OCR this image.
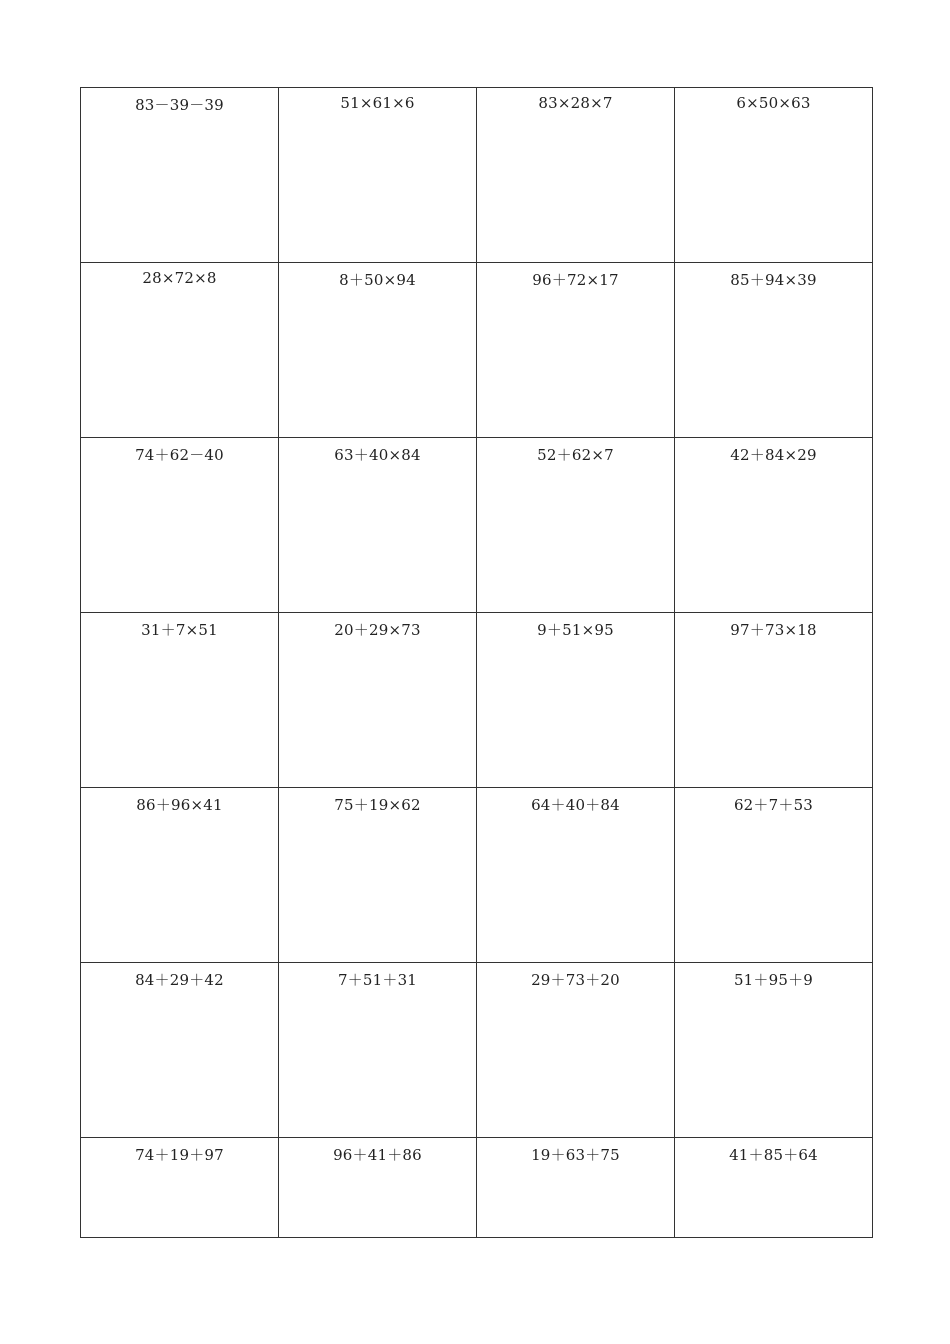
83－39－39	51×61×6	83×28×7	6×50×63

28×72×8	8＋50×94	96＋72×17	85＋94×39

74＋62－40	63＋40×84	52＋62×7	42＋84×29

31＋7×51	20＋29×73	9＋51×95	97＋73×18

86＋96×41	75＋19×62	64＋40＋84	62＋7＋53

84＋29＋42	7＋51＋31	29＋73＋20	51＋95＋9

74＋19＋97	96＋41＋86	19＋63＋75	41＋85＋64
